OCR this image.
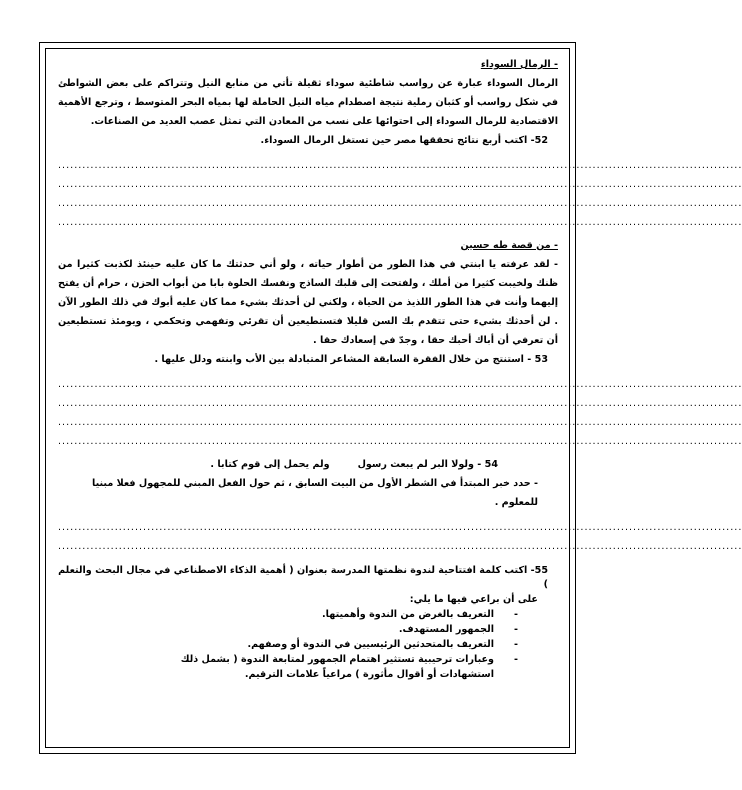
- الرمال السوداء
الرمال السوداء عبارة عن رواسب شاطئية سوداء ثقيلة تأتي من منابع النيل وتتراكم على بعض الشواطئ في شكل رواسب أو كثبان رملية نتيجة اصطدام مياه النيل الحاملة لها بمياه البحر المتوسط ، وترجع الأهمية الاقتصادية للرمال السوداء إلى احتوائها على نسب من المعادن التي تمثل عصب العديد من الصناعات.
52- اكتب أربع نتائج تحققها مصر حين تستغل الرمال السوداء.
.........................................................................................................................................................................
.........................................................................................................................................................................
.........................................................................................................................................................................
.........................................................................................................................................................................
- من قصة طه حسين
- لقد عرفته يا ابنتي في هذا الطور من أطوار حياته ، ولو أني حدثتك ما كان عليه حينئذ لكذبت كثيرا من ظنك ولخيبت كثيرا من أملك ، ولفتحت إلى قلبك الساذج ونفسك الحلوة بابا من أبواب الحزن ، حرام أن يفتح إليهما وأنت في هذا الطور اللذيذ من الحياة ، ولكني لن أحدثك بشيء مما كان عليه أبوك في ذلك الطور الآن . لن أحدثك بشيء حتى تتقدم بك السن قليلا فتستطيعين أن تقرئي وتفهمي وتحكمي ، ويومئذ تستطيعين أن تعرفي أن أباك أحبك حقا ، وجدّ في إسعادك حقا .
53 - استنتج من خلال الفقرة السابقة المشاعر المتبادلة بين الأب وابنته ودلل عليها .
.........................................................................................................................................................................
.........................................................................................................................................................................
.........................................................................................................................................................................
.........................................................................................................................................................................
54 - ولولا البر لم يبعث رسول
ولم يحمل إلى قوم كتابا .
- حدد خبر المبتدأ في الشطر الأول من البيت السابق ، ثم حول الفعل المبني للمجهول فعلا مبنيا للمعلوم .
.........................................................................................................................................................................
.........................................................................................................................................................................
55- اكتب كلمة افتتاحية لندوة نظمتها المدرسة بعنوان ( أهمية الذكاء الاصطناعي في مجال البحث والتعلم )
على أن براعي فيها ما يلي:
- التعريف بالغرض من الندوة وأهميتها.
- الجمهور المستهدف.
- التعريف بالمتحدثين الرئيسيين في الندوة أو وصفهم.
- وعبارات ترحيبية تستثير اهتمام الجمهور لمتابعة الندوة ( بشمل ذلك استشهادات أو أقوال مأثورة ) مراعياً علامات الترقيم.
